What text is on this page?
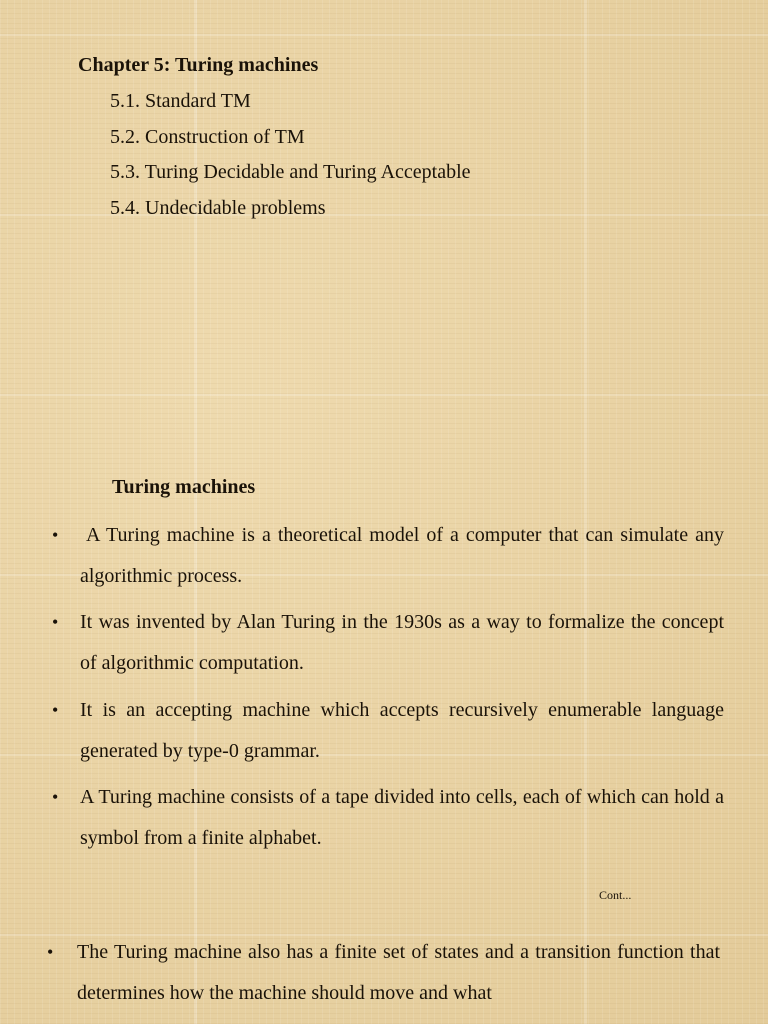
Chapter 5: Turing machines
5.1. Standard TM
5.2. Construction of TM
5.3. Turing Decidable and Turing Acceptable
5.4. Undecidable problems
Turing machines
•	A Turing machine is a theoretical model of a computer that can simulate any algorithmic process.
• It was invented by Alan Turing in the 1930s as a way to formalize the concept of algorithmic computation.
• It is an accepting machine which accepts recursively enumerable language generated by type-0 grammar.
• A Turing machine consists of a tape divided into cells, each of which can hold a symbol from a finite alphabet.
• The Turing machine also has a finite set of states and a transition function that determines how the machine should move and what
Cont...
